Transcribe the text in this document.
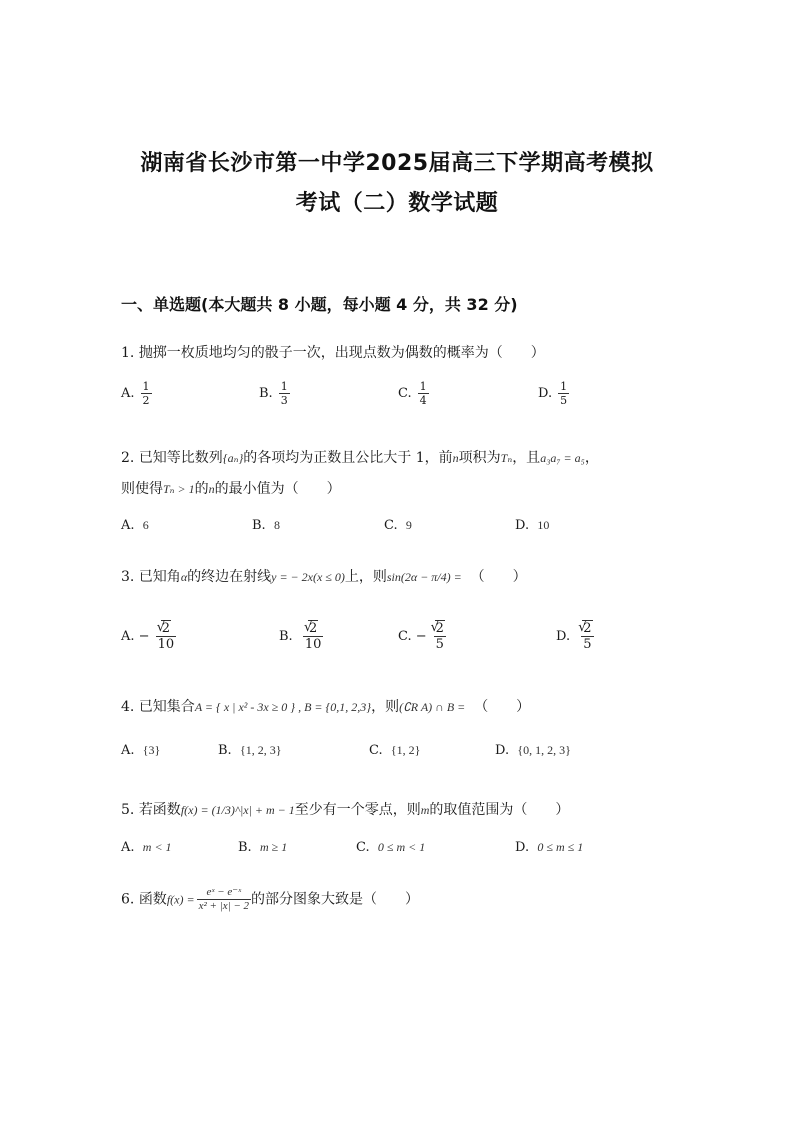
湖南省长沙市第一中学2025届高三下学期高考模拟
考试（二）数学试题
一、单选题(本大题共 8 小题，每小题 4 分，共 32 分)
1. 抛掷一枚质地均匀的骰子一次，出现点数为偶数的概率为（　　）
A. $\frac{1}{2}$	B. $\frac{1}{3}$	C. $\frac{1}{4}$	D. $\frac{1}{5}$
2. 已知等比数列{aₙ}的各项均为正数且公比大于 1，前n项积为Tₙ，且a₃a₇ = a₅，
则使得Tₙ > 1的n的最小值为（　　）
A. 6	B. 8	C. 9	D. 10
3. 已知角α的终边在射线y = − 2x(x ≤ 0)上，则sin(2α − π/4) = （　　）
A. − √ $\frac{2}{10}$	B. √ $\frac{2}{10}$	C. − √ $\frac{2}{5}$	D. √ $\frac{2}{5}$
4. 已知集合A = { x | x² - 3x ≥ 0 } , B = {0,1, 2,3}，则(∁R A) ∩ B = （　　）
A. {3}	B. {1, 2, 3}	C. {1, 2}	D. {0, 1, 2, 3}
5. 若函数f(x) = (1/3)^|x| + m − 1至少有一个零点，则m的取值范围为（　　）
A. m < 1	B. m ≥ 1	C. 0 ≤ m < 1	D. 0 ≤ m ≤ 1
6. 函数$f(x) = \frac{\text{eˣ − e⁻ˣ}}{\text{x² + |x| − 2}}$ 的部分图象大致是（　　）
